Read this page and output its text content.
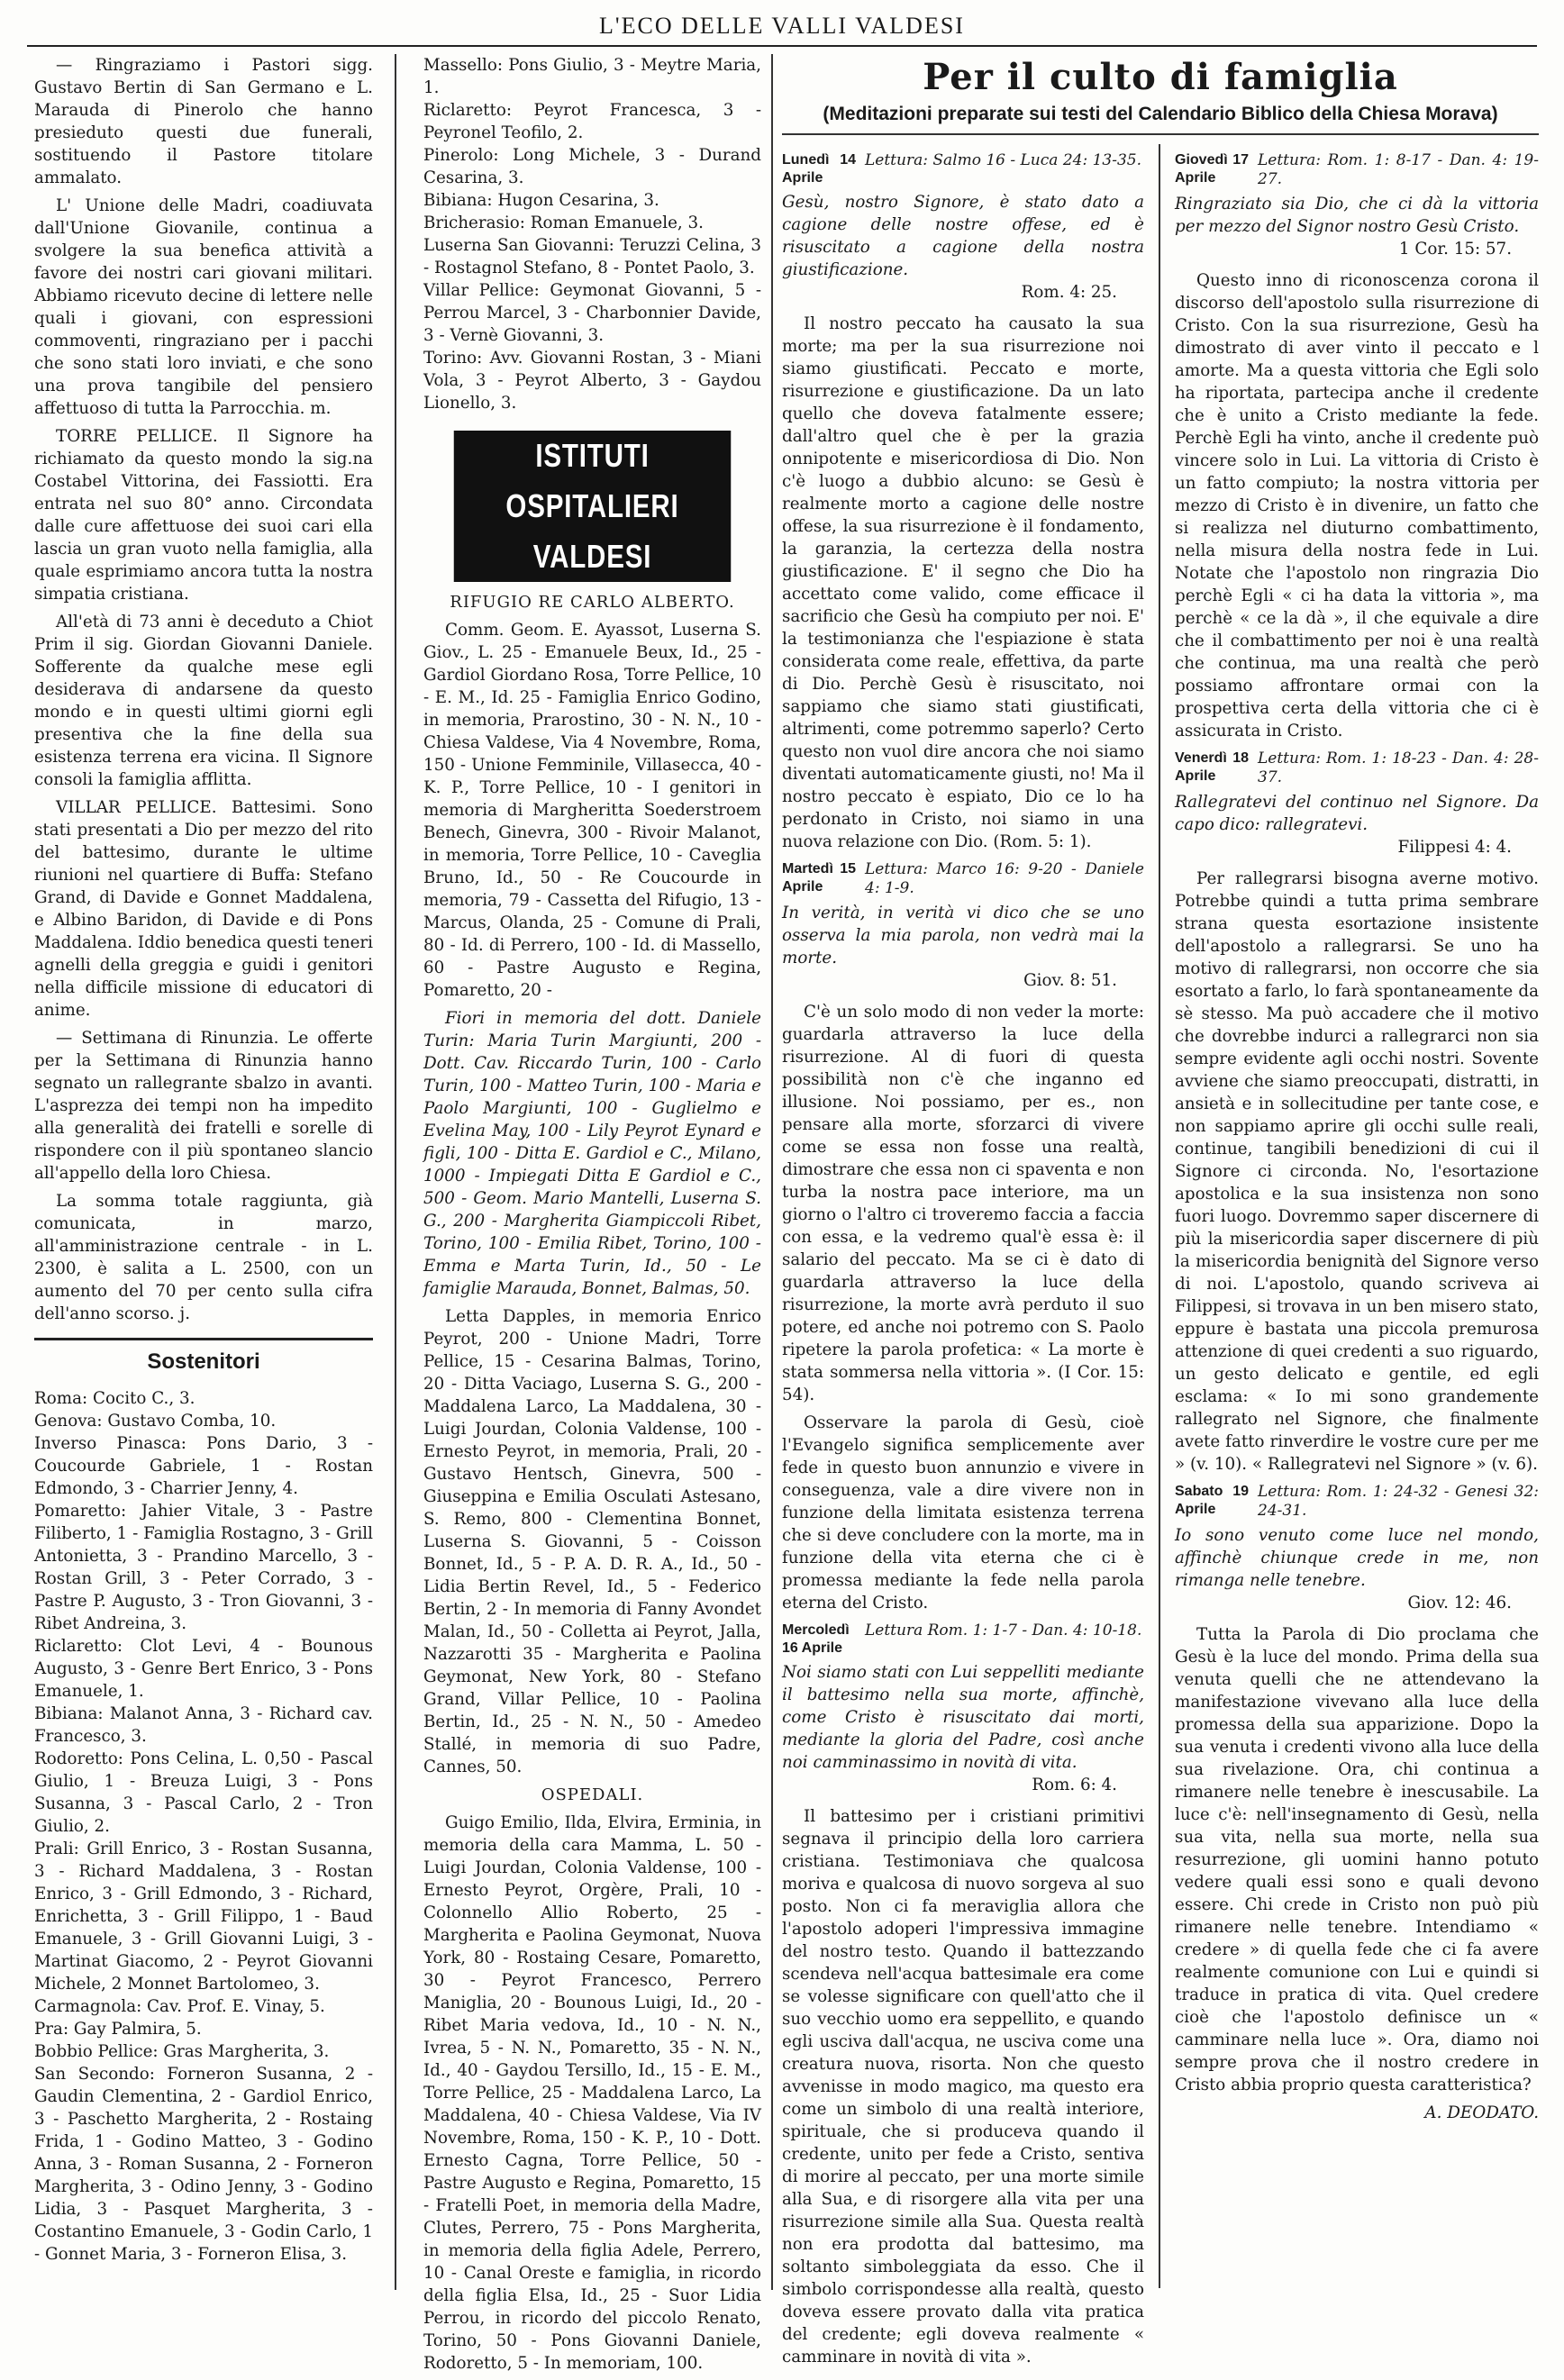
L'ECO DELLE VALLI VALDESI

— Ringraziamo i Pastori sigg. Gustavo Bertin di San Germano e L. Marauda di Pinerolo che hanno presieduto questi due funerali, sostituendo il Pastore titolare ammalato.

L' Unione delle Madri, coadiuvata dall'Unione Giovanile, continua a svolgere la sua benefica attività a favore dei nostri cari giovani militari. Abbiamo ricevuto decine di lettere nelle quali i giovani, con espressioni commoventi, ringraziano per i pacchi che sono stati loro inviati, e che sono una prova tangibile del pensiero affettuoso di tutta la Parrocchia. m.

TORRE PELLICE. Il Signore ha richiamato da questo mondo la sig.na Costabel Vittorina, dei Fassiotti. Era entrata nel suo 80° anno. Circondata dalle cure affettuose dei suoi cari ella lascia un gran vuoto nella famiglia, alla quale esprimiamo ancora tutta la nostra simpatia cristiana.

All'età di 73 anni è deceduto a Chiot Prim il sig. Giordan Giovanni Daniele. Sofferente da qualche mese egli desiderava di andarsene da questo mondo e in questi ultimi giorni egli presentiva che la fine della sua esistenza terrena era vicina. Il Signore consoli la famiglia afflitta.

VILLAR PELLICE. Battesimi. Sono stati presentati a Dio per mezzo del rito del battesimo, durante le ultime riunioni nel quartiere di Buffa: Stefano Grand, di Davide e Gonnet Maddalena, e Albino Baridon, di Davide e di Pons Maddalena. Iddio benedica questi teneri agnelli della greggia e guidi i genitori nella difficile missione di educatori di anime.

— Settimana di Rinunzia. Le offerte per la Settimana di Rinunzia hanno segnato un rallegrante sbalzo in avanti. L'asprezza dei tempi non ha impedito alla generalità dei fratelli e sorelle di rispondere con il più spontaneo slancio all'appello della loro Chiesa.

La somma totale raggiunta, già comunicata, in marzo, all'amministrazione centrale - in L. 2300, è salita a L. 2500, con un aumento del 70 per cento sulla cifra dell'anno scorso. j.

Sostenitori

Roma: Cocito C., 3.

Genova: Gustavo Comba, 10.

Inverso Pinasca: Pons Dario, 3 - Coucourde Gabriele, 1 - Rostan Edmondo, 3 - Charrier Jenny, 4.

Pomaretto: Jahier Vitale, 3 - Pastre Filiberto, 1 - Famiglia Rostagno, 3 - Grill Antonietta, 3 - Prandino Marcello, 3 - Rostan Grill, 3 - Peter Corrado, 3 - Pastre P. Augusto, 3 - Tron Giovanni, 3 - Ribet Andreina, 3.

Riclaretto: Clot Levi, 4 - Bounous Augusto, 3 - Genre Bert Enrico, 3 - Pons Emanuele, 1.

Bibiana: Malanot Anna, 3 - Richard cav. Francesco, 3.

Rodoretto: Pons Celina, L. 0,50 - Pascal Giulio, 1 - Breuza Luigi, 3 - Pons Susanna, 3 - Pascal Carlo, 2 - Tron Giulio, 2.

Prali: Grill Enrico, 3 - Rostan Susanna, 3 - Richard Maddalena, 3 - Rostan Enrico, 3 - Grill Edmondo, 3 - Richard, Enrichetta, 3 - Grill Filippo, 1 - Baud Emanuele, 3 - Grill Giovanni Luigi, 3 - Martinat Giacomo, 2 - Peyrot Giovanni Michele, 2 Monnet Bartolomeo, 3.

Carmagnola: Cav. Prof. E. Vinay, 5.

Pra: Gay Palmira, 5.

Bobbio Pellice: Gras Margherita, 3.

San Secondo: Forneron Susanna, 2 - Gaudin Clementina, 2 - Gardiol Enrico, 3 - Paschetto Margherita, 2 - Rostaing Frida, 1 - Godino Matteo, 3 - Godino Anna, 3 - Roman Susanna, 2 - Forneron Margherita, 3 - Odino Jenny, 3 - Godino Lidia, 3 - Pasquet Margherita, 3 - Costantino Emanuele, 3 - Godin Carlo, 1 - Gonnet Maria, 3 - Forneron Elisa, 3.

Massello: Pons Giulio, 3 - Meytre Maria, 1.

Riclaretto: Peyrot Francesca, 3 - Peyronel Teofilo, 2.

Pinerolo: Long Michele, 3 - Durand Cesarina, 3.

Bibiana: Hugon Cesarina, 3.

Bricherasio: Roman Emanuele, 3.

Luserna San Giovanni: Teruzzi Celina, 3 - Rostagnol Stefano, 8 - Pontet Paolo, 3.

Villar Pellice: Geymonat Giovanni, 5 - Perrou Marcel, 3 - Charbonnier Davide, 3 - Vernè Giovanni, 3.

Torino: Avv. Giovanni Rostan, 3 - Miani Vola, 3 - Peyrot Alberto, 3 - Gaydou Lionello, 3.

ISTITUTI OSPITALIERI VALDESI
RIFUGIO RE CARLO ALBERTO.

Comm. Geom. E. Ayassot, Luserna S. Giov., L. 25 - Emanuele Beux, Id., 25 - Gardiol Giordano Rosa, Torre Pellice, 10 - E. M., Id. 25 - Famiglia Enrico Godino, in memoria, Prarostino, 30 - N. N., 10 - Chiesa Valdese, Via 4 Novembre, Roma, 150 - Unione Femminile, Villasecca, 40 - K. P., Torre Pellice, 10 - I genitori in memoria di Margheritta Soederstroem Benech, Ginevra, 300 - Rivoir Malanot, in memoria, Torre Pellice, 10 - Caveglia Bruno, Id., 50 - Re Coucourde in memoria, 79 - Cassetta del Rifugio, 13 - Marcus, Olanda, 25 - Comune di Prali, 80 - Id. di Perrero, 100 - Id. di Massello, 60 - Pastre Augusto e Regina, Pomaretto, 20 -

Fiori in memoria del dott. Daniele Turin: Maria Turin Margiunti, 200 - Dott. Cav. Riccardo Turin, 100 - Carlo Turin, 100 - Matteo Turin, 100 - Maria e Paolo Margiunti, 100 - Guglielmo e Evelina May, 100 - Lily Peyrot Eynard e figli, 100 - Ditta E. Gardiol e C., Milano, 1000 - Impiegati Ditta E Gardiol e C., 500 - Geom. Mario Mantelli, Luserna S. G., 200 - Margherita Giampiccoli Ribet, Torino, 100 - Emilia Ribet, Torino, 100 - Emma e Marta Turin, Id., 50 - Le famiglie Marauda, Bonnet, Balmas, 50.

Letta Dapples, in memoria Enrico Peyrot, 200 - Unione Madri, Torre Pellice, 15 - Cesarina Balmas, Torino, 20 - Ditta Vaciago, Luserna S. G., 200 - Maddalena Larco, La Maddalena, 30 - Luigi Jourdan, Colonia Valdense, 100 - Ernesto Peyrot, in memoria, Prali, 20 - Gustavo Hentsch, Ginevra, 500 - Giuseppina e Emilia Osculati Astesano, S. Remo, 800 - Clementina Bonnet, Luserna S. Giovanni, 5 - Coisson Bonnet, Id., 5 - P. A. D. R. A., Id., 50 - Lidia Bertin Revel, Id., 5 - Federico Bertin, 2 - In memoria di Fanny Avondet Malan, Id., 50 - Colletta ai Peyrot, Jalla, Nazzarotti 35 - Margherita e Paolina Geymonat, New York, 80 - Stefano Grand, Villar Pellice, 10 - Paolina Bertin, Id., 25 - N. N., 50 - Amedeo Stallé, in memoria di suo Padre, Cannes, 50.

OSPEDALI.

Guigo Emilio, Ilda, Elvira, Erminia, in memoria della cara Mamma, L. 50 - Luigi Jourdan, Colonia Valdense, 100 - Ernesto Peyrot, Orgère, Prali, 10 - Colonnello Allio Roberto, 25 - Margherita e Paolina Geymonat, Nuova York, 80 - Rostaing Cesare, Pomaretto, 30 - Peyrot Francesco, Perrero Maniglia, 20 - Bounous Luigi, Id., 20 - Ribet Maria vedova, Id., 10 - N. N., Ivrea, 5 - N. N., Pomaretto, 35 - N. N., Id., 40 - Gaydou Tersillo, Id., 15 - E. M., Torre Pellice, 25 - Maddalena Larco, La Maddalena, 40 - Chiesa Valdese, Via IV Novembre, Roma, 150 - K. P., 10 - Dott. Ernesto Cagna, Torre Pellice, 50 - Pastre Augusto e Regina, Pomaretto, 15 - Fratelli Poet, in memoria della Madre, Clutes, Perrero, 75 - Pons Margherita, in memoria della figlia Adele, Perrero, 10 - Canal Oreste e famiglia, in ricordo della figlia Elsa, Id., 25 - Suor Lidia Perrou, in ricordo del piccolo Renato, Torino, 50 - Pons Giovanni Daniele, Rodoretto, 5 - In memoriam, 100.

Per il culto di famiglia
(Meditazioni preparate sui testi del Calendario Biblico della Chiesa Morava)
Lunedì 14 Aprile
Lettura: Salmo 16 - Luca 24: 13-35.

Gesù, nostro Signore, è stato dato a cagione delle nostre offese, ed è risuscitato a cagione della nostra giustificazione.
Rom. 4: 25.

Il nostro peccato ha causato la sua morte; ma per la sua risurrezione noi siamo giustificati. Peccato e morte, risurrezione e giustificazione. Da un lato quello che doveva fatalmente essere; dall'altro quel che è per la grazia onnipotente e misericordiosa di Dio. Non c'è luogo a dubbio alcuno: se Gesù è realmente morto a cagione delle nostre offese, la sua risurrezione è il fondamento, la garanzia, la certezza della nostra giustificazione. E' il segno che Dio ha accettato come valido, come efficace il sacrificio che Gesù ha compiuto per noi. E' la testimonianza che l'espiazione è stata considerata come reale, effettiva, da parte di Dio. Perchè Gesù è risuscitato, noi sappiamo che siamo stati giustificati, altrimenti, come potremmo saperlo? Certo questo non vuol dire ancora che noi siamo diventati automaticamente giusti, no! Ma il nostro peccato è espiato, Dio ce lo ha perdonato in Cristo, noi siamo in una nuova relazione con Dio. (Rom. 5: 1).

Martedì 15 Aprile
Lettura: Marco 16: 9-20 - Daniele 4: 1-9.

In verità, in verità vi dico che se uno osserva la mia parola, non vedrà mai la morte.
Giov. 8: 51.

C'è un solo modo di non veder la morte: guardarla attraverso la luce della risurrezione. Al di fuori di questa possibilità non c'è che inganno ed illusione. Noi possiamo, per es., non pensare alla morte, sforzarci di vivere come se essa non fosse una realtà, dimostrare che essa non ci spaventa e non turba la nostra pace interiore, ma un giorno o l'altro ci troveremo faccia a faccia con essa, e la vedremo qual'è essa è: il salario del peccato. Ma se ci è dato di guardarla attraverso la luce della risurrezione, la morte avrà perduto il suo potere, ed anche noi potremo con S. Paolo ripetere la parola profetica: « La morte è stata sommersa nella vittoria ». (I Cor. 15: 54).

Osservare la parola di Gesù, cioè l'Evangelo significa semplicemente aver fede in questo buon annunzio e vivere in conseguenza, vale a dire vivere non in funzione della limitata esistenza terrena che si deve concludere con la morte, ma in funzione della vita eterna che ci è promessa mediante la fede nella parola eterna del Cristo.

Mercoledì 16 Aprile
Lettura Rom. 1: 1-7 - Dan. 4: 10-18.

Noi siamo stati con Lui seppelliti mediante il battesimo nella sua morte, affinchè, come Cristo è risuscitato dai morti, mediante la gloria del Padre, così anche noi camminassimo in novità di vita.
Rom. 6: 4.

Il battesimo per i cristiani primitivi segnava il principio della loro carriera cristiana. Testimoniava che qualcosa moriva e qualcosa di nuovo sorgeva al suo posto. Non ci fa meraviglia allora che l'apostolo adoperi l'impressiva immagine del nostro testo. Quando il battezzando scendeva nell'acqua battesimale era come se volesse significare con quell'atto che il suo vecchio uomo era seppellito, e quando egli usciva dall'acqua, ne usciva come una creatura nuova, risorta. Non che questo avvenisse in modo magico, ma questo era come un simbolo di una realtà interiore, spirituale, che si produceva quando il credente, unito per fede a Cristo, sentiva di morire al peccato, per una morte simile alla Sua, e di risorgere alla vita per una risurrezione simile alla Sua. Questa realtà non era prodotta dal battesimo, ma soltanto simboleggiata da esso. Che il simbolo corrispondesse alla realtà, questo doveva essere provato dalla vita pratica del credente; egli doveva realmente « camminare in novità di vita ».

Giovedì 17 Aprile
Lettura: Rom. 1: 8-17 - Dan. 4: 19-27.

Ringraziato sia Dio, che ci dà la vittoria per mezzo del Signor nostro Gesù Cristo.
1 Cor. 15: 57.

Questo inno di riconoscenza corona il discorso dell'apostolo sulla risurrezione di Cristo. Con la sua risurrezione, Gesù ha dimostrato di aver vinto il peccato e l amorte. Ma a questa vittoria che Egli solo ha riportata, partecipa anche il credente che è unito a Cristo mediante la fede. Perchè Egli ha vinto, anche il credente può vincere solo in Lui. La vittoria di Cristo è un fatto compiuto; la nostra vittoria per mezzo di Cristo è in divenire, un fatto che si realizza nel diuturno combattimento, nella misura della nostra fede in Lui. Notate che l'apostolo non ringrazia Dio perchè Egli « ci ha data la vittoria », ma perchè « ce la dà », il che equivale a dire che il combattimento per noi è una realtà che continua, ma una realtà che però possiamo affrontare ormai con la prospettiva certa della vittoria che ci è assicurata in Cristo.

Venerdì 18 Aprile
Lettura: Rom. 1: 18-23 - Dan. 4: 28-37.

Rallegratevi del continuo nel Signore. Da capo dico: rallegratevi.
Filippesi 4: 4.

Per rallegrarsi bisogna averne motivo. Potrebbe quindi a tutta prima sembrare strana questa esortazione insistente dell'apostolo a rallegrarsi. Se uno ha motivo di rallegrarsi, non occorre che sia esortato a farlo, lo farà spontaneamente da sè stesso. Ma può accadere che il motivo che dovrebbe indurci a rallegrarci non sia sempre evidente agli occhi nostri. Sovente avviene che siamo preoccupati, distratti, in ansietà e in sollecitudine per tante cose, e non sappiamo aprire gli occhi sulle reali, continue, tangibili benedizioni di cui il Signore ci circonda. No, l'esortazione apostolica e la sua insistenza non sono fuori luogo. Dovremmo saper discernere di più la misericordia saper discernere di più la misericordia benignità del Signore verso di noi. L'apostolo, quando scriveva ai Filippesi, si trovava in un ben misero stato, eppure è bastata una piccola premurosa attenzione di quei credenti a suo riguardo, un gesto delicato e gentile, ed egli esclama: « Io mi sono grandemente rallegrato nel Signore, che finalmente avete fatto rinverdire le vostre cure per me » (v. 10). « Rallegratevi nel Signore » (v. 6).

Sabato 19 Aprile
Lettura: Rom. 1: 24-32 - Genesi 32: 24-31.

Io sono venuto come luce nel mondo, affinchè chiunque crede in me, non rimanga nelle tenebre.
Giov. 12: 46.

Tutta la Parola di Dio proclama che Gesù è la luce del mondo. Prima della sua venuta quelli che ne attendevano la manifestazione vivevano alla luce della promessa della sua apparizione. Dopo la sua venuta i credenti vivono alla luce della sua rivelazione. Ora, chi continua a rimanere nelle tenebre è inescusabile. La luce c'è: nell'insegnamento di Gesù, nella sua vita, nella sua morte, nella sua resurrezione, gli uomini hanno potuto vedere quali essi sono e quali devono essere. Chi crede in Cristo non può più rimanere nelle tenebre. Intendiamo « credere » di quella fede che ci fa avere realmente comunione con Lui e quindi si traduce in pratica di vita. Quel credere cioè che l'apostolo definisce un « camminare nella luce ». Ora, diamo noi sempre prova che il nostro credere in Cristo abbia proprio questa caratteristica?

A. DEODATO.
